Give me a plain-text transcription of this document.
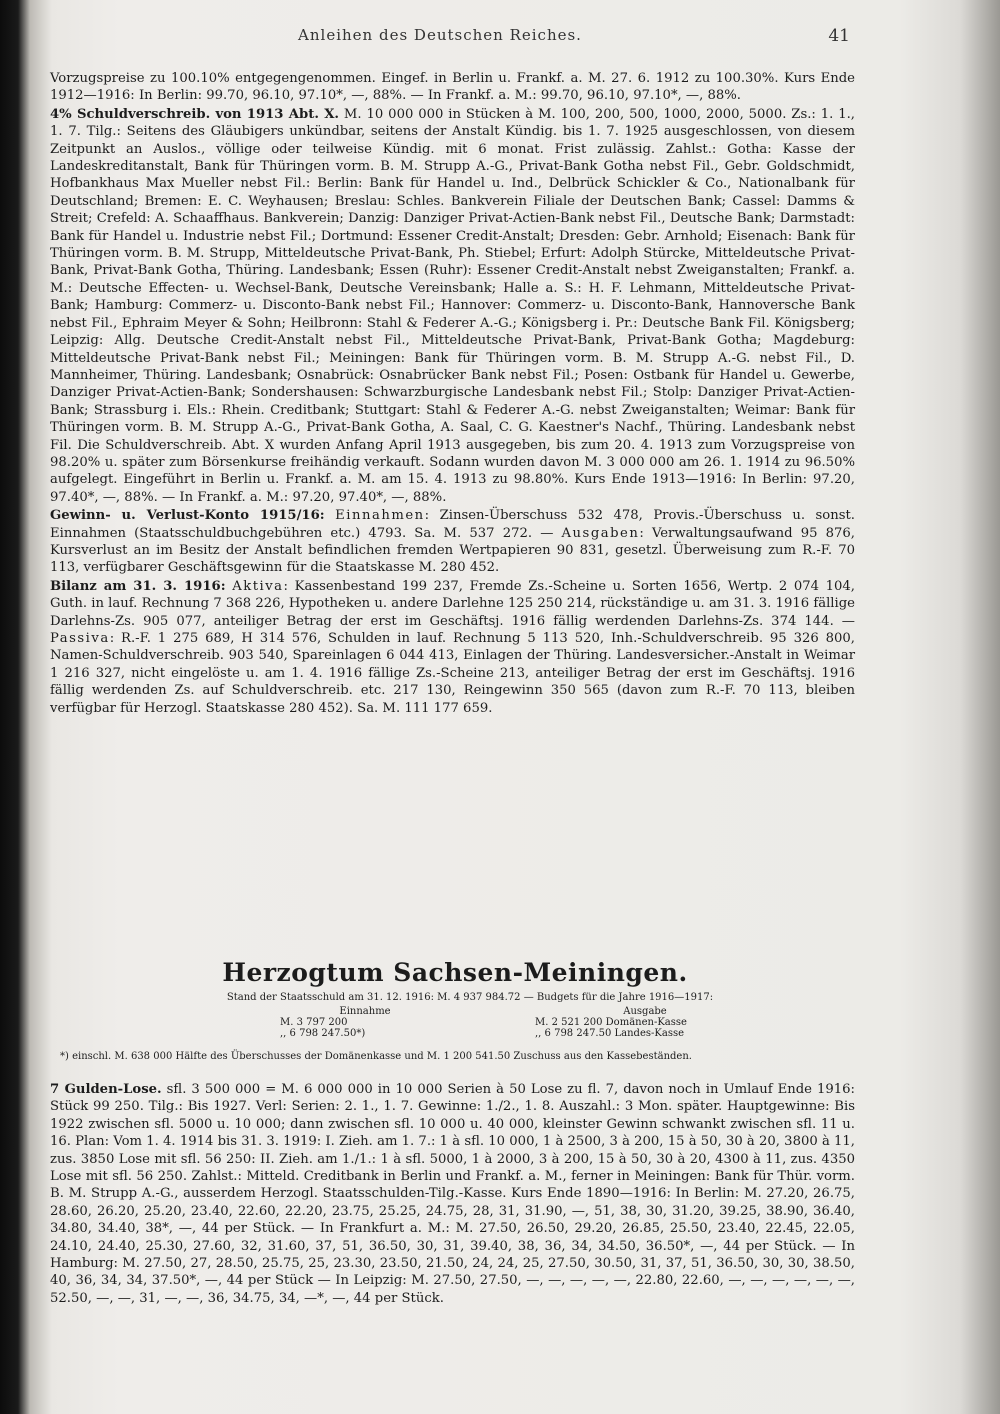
Anleihen des Deutschen Reiches.	41

Vorzugspreise zu 100.10% entgegengenommen. Eingef. in Berlin u. Frankf. a. M. 27. 6. 1912 zu 100.30%. Kurs Ende 1912—1916: In Berlin: 99.70, 96.10, 97.10*, —, 88%. — In Frankf. a. M.: 99.70, 96.10, 97.10*, —, 88%.

4% Schuldverschreib. von 1913 Abt. X. M. 10 000 000 in Stücken à M. 100, 200, 500, 1000, 2000, 5000. Zs.: 1. 1., 1. 7. Tilg.: Seitens des Gläubigers unkündbar, seitens der Anstalt Kündig. bis 1. 7. 1925 ausgeschlossen, von diesem Zeitpunkt an Auslos., völlige oder teilweise Kündig. mit 6 monat. Frist zulässig. Zahlst.: Gotha: Kasse der Landeskreditanstalt, Bank für Thüringen vorm. B. M. Strupp A.-G., Privat-Bank Gotha nebst Fil., Gebr. Goldschmidt, Hofbankhaus Max Mueller nebst Fil.: Berlin: Bank für Handel u. Ind., Delbrück Schickler & Co., Nationalbank für Deutschland; Bremen: E. C. Weyhausen; Breslau: Schles. Bankverein Filiale der Deutschen Bank; Cassel: Damms & Streit; Crefeld: A. Schaaffhaus. Bankverein; Danzig: Danziger Privat-Actien-Bank nebst Fil., Deutsche Bank; Darmstadt: Bank für Handel u. Industrie nebst Fil.; Dortmund: Essener Credit-Anstalt; Dresden: Gebr. Arnhold; Eisenach: Bank für Thüringen vorm. B. M. Strupp, Mitteldeutsche Privat-Bank, Ph. Stiebel; Erfurt: Adolph Stürcke, Mitteldeutsche Privat-Bank, Privat-Bank Gotha, Thüring. Landesbank; Essen (Ruhr): Essener Credit-Anstalt nebst Zweiganstalten; Frankf. a. M.: Deutsche Effecten- u. Wechsel-Bank, Deutsche Vereinsbank; Halle a. S.: H. F. Lehmann, Mitteldeutsche Privat-Bank; Hamburg: Commerz- u. Disconto-Bank nebst Fil.; Hannover: Commerz- u. Disconto-Bank, Hannoversche Bank nebst Fil., Ephraim Meyer & Sohn; Heilbronn: Stahl & Federer A.-G.; Königsberg i. Pr.: Deutsche Bank Fil. Königsberg; Leipzig: Allg. Deutsche Credit-Anstalt nebst Fil., Mitteldeutsche Privat-Bank, Privat-Bank Gotha; Magdeburg: Mitteldeutsche Privat-Bank nebst Fil.; Meiningen: Bank für Thüringen vorm. B. M. Strupp A.-G. nebst Fil., D. Mannheimer, Thüring. Landesbank; Osnabrück: Osnabrücker Bank nebst Fil.; Posen: Ostbank für Handel u. Gewerbe, Danziger Privat-Actien-Bank; Sondershausen: Schwarzburgische Landesbank nebst Fil.; Stolp: Danziger Privat-Actien-Bank; Strassburg i. Els.: Rhein. Creditbank; Stuttgart: Stahl & Federer A.-G. nebst Zweiganstalten; Weimar: Bank für Thüringen vorm. B. M. Strupp A.-G., Privat-Bank Gotha, A. Saal, C. G. Kaestner's Nachf., Thüring. Landesbank nebst Fil. Die Schuldverschreib. Abt. X wurden Anfang April 1913 ausgegeben, bis zum 20. 4. 1913 zum Vorzugspreise von 98.20% u. später zum Börsenkurse freihändig verkauft. Sodann wurden davon M. 3 000 000 am 26. 1. 1914 zu 96.50% aufgelegt. Eingeführt in Berlin u. Frankf. a. M. am 15. 4. 1913 zu 98.80%. Kurs Ende 1913—1916: In Berlin: 97.20, 97.40*, —, 88%. — In Frankf. a. M.: 97.20, 97.40*, —, 88%.

Gewinn- u. Verlust-Konto 1915/16: Einnahmen: Zinsen-Überschuss 532 478, Provis.-Überschuss u. sonst. Einnahmen (Staatsschuldbuchgebühren etc.) 4793. Sa. M. 537 272. — Ausgaben: Verwaltungsaufwand 95 876, Kursverlust an im Besitz der Anstalt befindlichen fremden Wertpapieren 90 831, gesetzl. Überweisung zum R.-F. 70 113, verfügbarer Geschäftsgewinn für die Staatskasse M. 280 452.

Bilanz am 31. 3. 1916: Aktiva: Kassenbestand 199 237, Fremde Zs.-Scheine u. Sorten 1656, Wertp. 2 074 104, Guth. in lauf. Rechnung 7 368 226, Hypotheken u. andere Darlehne 125 250 214, rückständige u. am 31. 3. 1916 fällige Darlehns-Zs. 905 077, anteiliger Betrag der erst im Geschäftsj. 1916 fällig werdenden Darlehns-Zs. 374 144. — Passiva: R.-F. 1 275 689, H 314 576, Schulden in lauf. Rechnung 5 113 520, Inh.-Schuldverschreib. 95 326 800, Namen-Schuldverschreib. 903 540, Spareinlagen 6 044 413, Einlagen der Thüring. Landesversicher.-Anstalt in Weimar 1 216 327, nicht eingelöste u. am 1. 4. 1916 fällige Zs.-Scheine 213, anteiliger Betrag der erst im Geschäftsj. 1916 fällig werdenden Zs. auf Schuldverschreib. etc. 217 130, Reingewinn 350 565 (davon zum R.-F. 70 113, bleiben verfügbar für Herzogl. Staatskasse 280 452). Sa. M. 111 177 659.

Herzogtum Sachsen-Meiningen.
Stand der Staatsschuld am 31. 12. 1916: M. 4 937 984.72 — Budgets für die Jahre 1916—1917:
Einnahme
M. 3 797 200
,, 6 798 247.50*)
Ausgabe
M. 2 521 200 Domänen-Kasse
,, 6 798 247.50 Landes-Kasse
*) einschl. M. 638 000 Hälfte des Überschusses der Domänenkasse und M. 1 200 541.50 Zuschuss aus den Kassebeständen.

7 Gulden-Lose. sfl. 3 500 000 = M. 6 000 000 in 10 000 Serien à 50 Lose zu fl. 7, davon noch in Umlauf Ende 1916: Stück 99 250. Tilg.: Bis 1927. Verl: Serien: 2. 1., 1. 7. Gewinne: 1./2., 1. 8. Auszahl.: 3 Mon. später. Hauptgewinne: Bis 1922 zwischen sfl. 5000 u. 10 000; dann zwischen sfl. 10 000 u. 40 000, kleinster Gewinn schwankt zwischen sfl. 11 u. 16. Plan: Vom 1. 4. 1914 bis 31. 3. 1919: I. Zieh. am 1. 7.: 1 à sfl. 10 000, 1 à 2500, 3 à 200, 15 à 50, 30 à 20, 3800 à 11, zus. 3850 Lose mit sfl. 56 250: II. Zieh. am 1./1.: 1 à sfl. 5000, 1 à 2000, 3 à 200, 15 à 50, 30 à 20, 4300 à 11, zus. 4350 Lose mit sfl. 56 250. Zahlst.: Mitteld. Creditbank in Berlin und Frankf. a. M., ferner in Meiningen: Bank für Thür. vorm. B. M. Strupp A.-G., ausserdem Herzogl. Staatsschulden-Tilg.-Kasse. Kurs Ende 1890—1916: In Berlin: M. 27.20, 26.75, 28.60, 26.20, 25.20, 23.40, 22.60, 22.20, 23.75, 25.25, 24.75, 28, 31, 31.90, —, 51, 38, 30, 31.20, 39.25, 38.90, 36.40, 34.80, 34.40, 38*, —, 44 per Stück. — In Frankfurt a. M.: M. 27.50, 26.50, 29.20, 26.85, 25.50, 23.40, 22.45, 22.05, 24.10, 24.40, 25.30, 27.60, 32, 31.60, 37, 51, 36.50, 30, 31, 39.40, 38, 36, 34, 34.50, 36.50*, —, 44 per Stück. — In Hamburg: M. 27.50, 27, 28.50, 25.75, 25, 23.30, 23.50, 21.50, 24, 24, 25, 27.50, 30.50, 31, 37, 51, 36.50, 30, 30, 38.50, 40, 36, 34, 34, 37.50*, —, 44 per Stück — In Leipzig: M. 27.50, 27.50, —, —, —, —, —, 22.80, 22.60, —, —, —, —, —, —, 52.50, —, —, 31, —, —, 36, 34.75, 34, —*, —, 44 per Stück.
